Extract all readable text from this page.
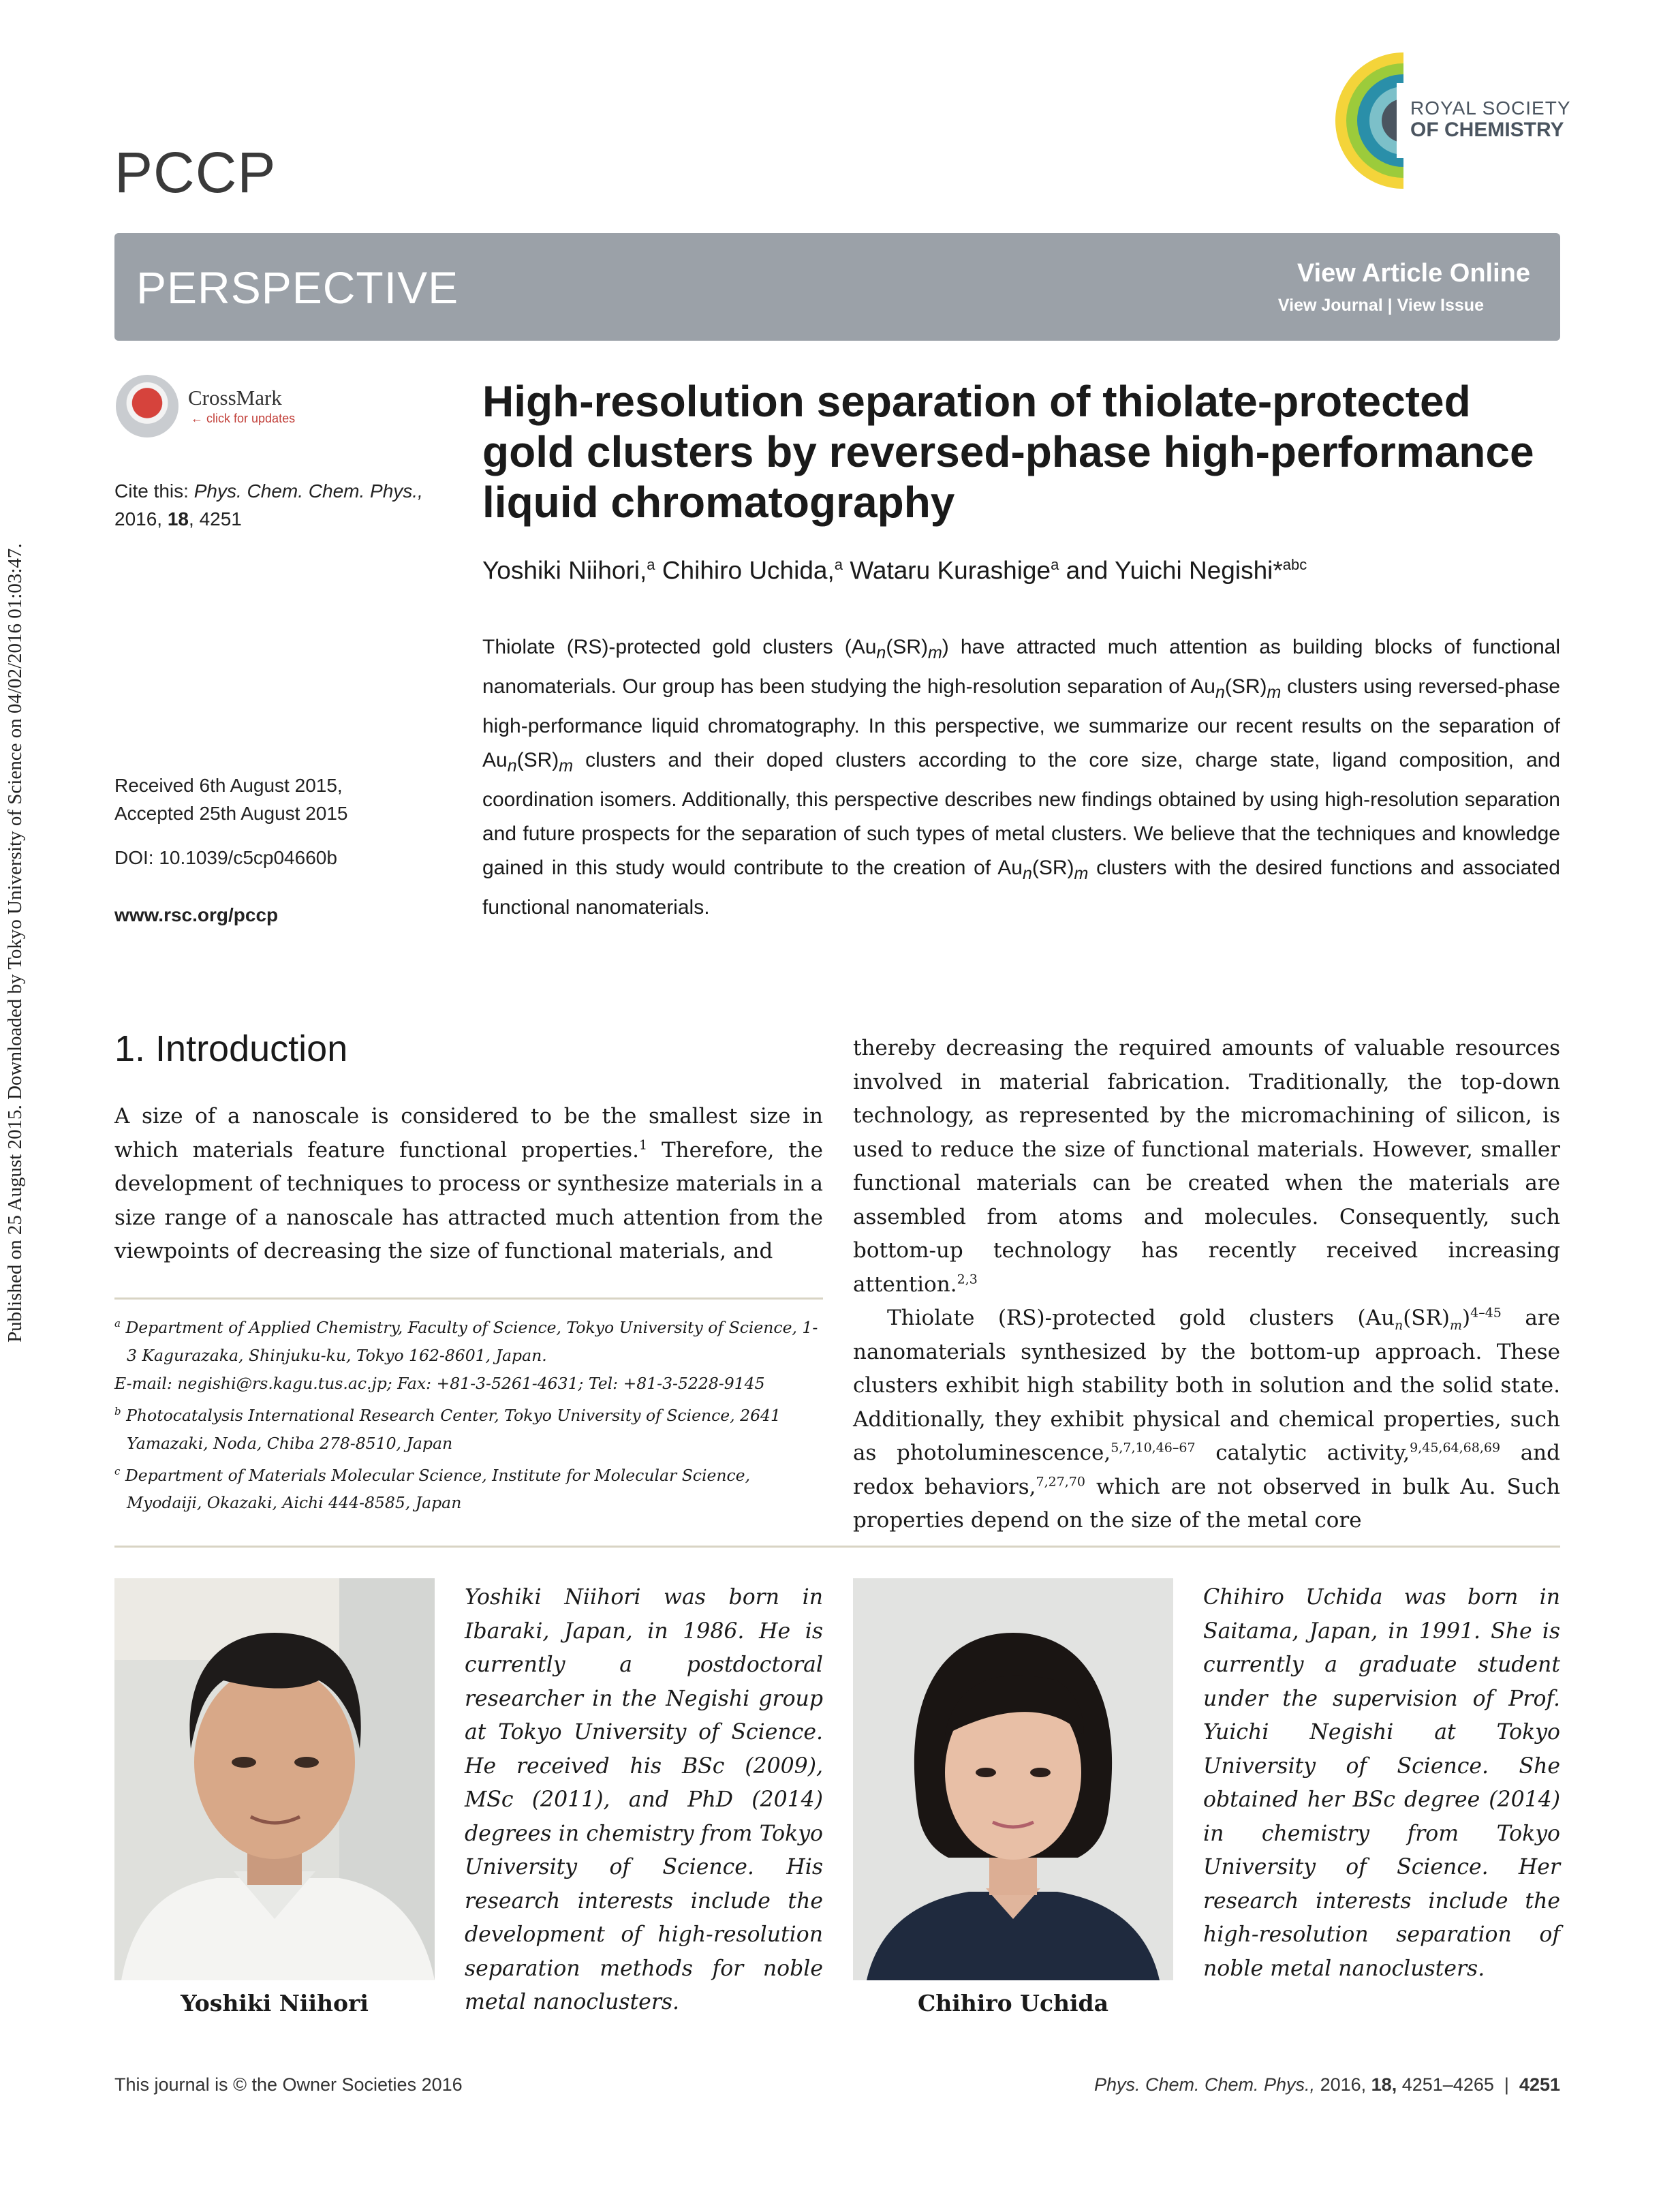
Published on 25 August 2015. Downloaded by Tokyo University of Science on 04/02/2016 01:03:47.
PCCP
ROYAL SOCIETY
OF CHEMISTRY
PERSPECTIVE	View Article Online
View Journal | View Issue
CrossMark
← click for updates
Cite this: Phys. Chem. Chem. Phys.,
2016, 18, 4251
Received 6th August 2015,
Accepted 25th August 2015
DOI: 10.1039/c5cp04660b
www.rsc.org/pccp
High-resolution separation of thiolate-protected gold clusters by reversed-phase high-performance liquid chromatography
Yoshiki Niihori,$^a$ Chihiro Uchida,$^a$ Wataru Kurashige$^a$ and Yuichi Negishi*$^{abc}$
Thiolate (RS)-protected gold clusters $(Au_n(SR)_m)$ have attracted much attention as building blocks of functional nanomaterials. Our group has been studying the high-resolution separation of $Au_n(SR)_m$ clusters using reversed-phase high-performance liquid chromatography. In this perspective, we summarize our recent results on the separation of $Au_n(SR)_m$ clusters and their doped clusters according to the core size, charge state, ligand composition, and coordination isomers. Additionally, this perspective describes new findings obtained by using high-resolution separation and future prospects for the separation of such types of metal clusters. We believe that the techniques and knowledge gained in this study would contribute to the creation of $Au_n(SR)_m$ clusters with the desired functions and associated functional nanomaterials.
1. Introduction
A size of a nanoscale is considered to be the smallest size in which materials feature functional properties.$^1$ Therefore, the development of techniques to process or synthesize materials in a size range of a nanoscale has attracted much attention from the viewpoints of decreasing the size of functional materials, and
$^a$ Department of Applied Chemistry, Faculty of Science, Tokyo University of Science, 1-3 Kagurazaka, Shinjuku-ku, Tokyo 162-8601, Japan.
E-mail: negishi@rs.kagu.tus.ac.jp; Fax: +81-3-5261-4631; Tel: +81-3-5228-9145
$^b$ Photocatalysis International Research Center, Tokyo University of Science, 2641 Yamazaki, Noda, Chiba 278-8510, Japan
$^c$ Department of Materials Molecular Science, Institute for Molecular Science, Myodaiji, Okazaki, Aichi 444-8585, Japan
thereby decreasing the required amounts of valuable resources involved in material fabrication. Traditionally, the top-down technology, as represented by the micromachining of silicon, is used to reduce the size of functional materials. However, smaller functional materials can be created when the materials are assembled from atoms and molecules. Consequently, such bottom-up technology has recently received increasing attention.$^{2,3}$
Thiolate (RS)-protected gold clusters $(Au_n(SR)_m)^{4-45}$ are nanomaterials synthesized by the bottom-up approach. These clusters exhibit high stability both in solution and the solid state. Additionally, they exhibit physical and chemical properties, such as photoluminescence,$^{5,7,10,46-67}$ catalytic activity,$^{9,45,64,68,69}$ and redox behaviors,$^{7,27,70}$ which are not observed in bulk Au. Such properties depend on the size of the metal core
Yoshiki Niihori was born in Ibaraki, Japan, in 1986. He is currently a postdoctoral researcher in the Negishi group at Tokyo University of Science. He received his BSc (2009), MSc (2011), and PhD (2014) degrees in chemistry from Tokyo University of Science. His research interests include the development of high-resolution separation methods for noble metal nanoclusters.
Yoshiki Niihori
Chihiro Uchida was born in Saitama, Japan, in 1991. She is currently a graduate student under the supervision of Prof. Yuichi Negishi at Tokyo University of Science. She obtained her BSc degree (2014) in chemistry from Tokyo University of Science. Her research interests include the high-resolution separation of noble metal nanoclusters.
Chihiro Uchida
This journal is © the Owner Societies 2016	Phys. Chem. Chem. Phys., 2016, 18, 4251–4265 | 4251
